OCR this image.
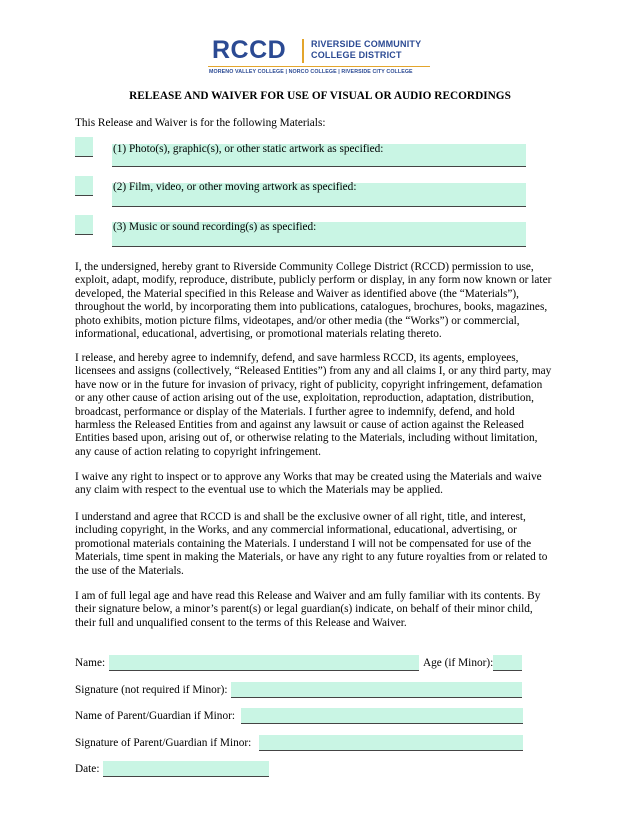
RCCD	RIVERSIDE COMMUNITY
COLLEGE DISTRICT
MORENO VALLEY COLLEGE | NORCO COLLEGE | RIVERSIDE CITY COLLEGE
RELEASE AND WAIVER FOR USE OF VISUAL OR AUDIO RECORDINGS
This Release and Waiver is for the following Materials:
(1) Photo(s), graphic(s), or other static artwork as specified:
(2) Film, video, or other moving artwork as specified:
(3) Music or sound recording(s) as specified:
I, the undersigned, hereby grant to Riverside Community College District (RCCD) permission to use,
exploit, adapt, modify, reproduce, distribute, publicly perform or display, in any form now known or later
developed, the Material specified in this Release and Waiver as identified above (the “Materials”),
throughout the world, by incorporating them into publications, catalogues, brochures, books, magazines,
photo exhibits, motion picture films, videotapes, and/or other media (the “Works”) or commercial,
informational, educational, advertising, or promotional materials relating thereto.
I release, and hereby agree to indemnify, defend, and save harmless RCCD, its agents, employees,
licensees and assigns (collectively, “Released Entities”) from any and all claims I, or any third party, may
have now or in the future for invasion of privacy, right of publicity, copyright infringement, defamation
or any other cause of action arising out of the use, exploitation, reproduction, adaptation, distribution,
broadcast, performance or display of the Materials. I further agree to indemnify, defend, and hold
harmless the Released Entities from and against any lawsuit or cause of action against the Released
Entities based upon, arising out of, or otherwise relating to the Materials, including without limitation,
any cause of action relating to copyright infringement.
I waive any right to inspect or to approve any Works that may be created using the Materials and waive
any claim with respect to the eventual use to which the Materials may be applied.
I understand and agree that RCCD is and shall be the exclusive owner of all right, title, and interest,
including copyright, in the Works, and any commercial informational, educational, advertising, or
promotional materials containing the Materials. I understand I will not be compensated for use of the
Materials, time spent in making the Materials, or have any right to any future royalties from or related to
the use of the Materials.
I am of full legal age and have read this Release and Waiver and am fully familiar with its contents. By
their signature below, a minor’s parent(s) or legal guardian(s) indicate, on behalf of their minor child,
their full and unqualified consent to the terms of this Release and Waiver.
Name:	Age (if Minor):
Signature (not required if Minor):
Name of Parent/Guardian if Minor:
Signature of Parent/Guardian if Minor:
Date:
